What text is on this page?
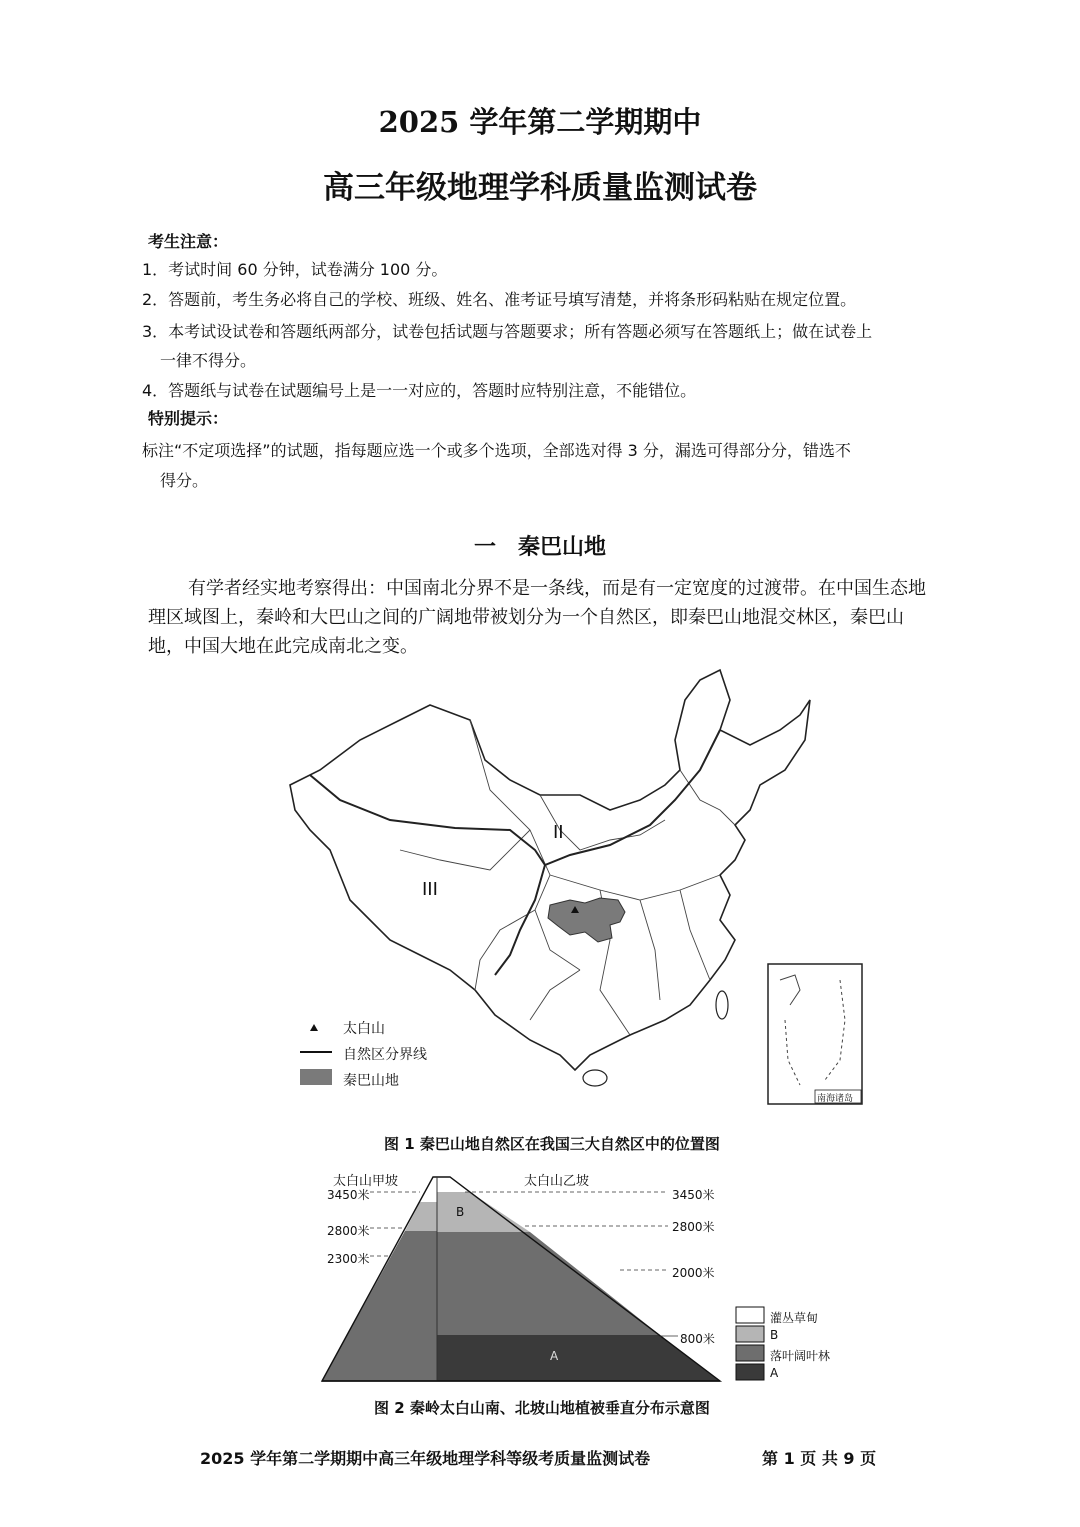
2025 学年第二学期期中
高三年级地理学科质量监测试卷
考生注意：
1．考试时间 60 分钟，试卷满分 100 分。
2．答题前，考生务必将自己的学校、班级、姓名、准考证号填写清楚，并将条形码粘贴在规定位置。
3．本考试设试卷和答题纸两部分，试卷包括试题与答题要求；所有答题必须写在答题纸上；做在试卷上
一律不得分。
4．答题纸与试卷在试题编号上是一一对应的，答题时应特别注意，不能错位。
特别提示：
标注“不定项选择”的试题，指每题应选一个或多个选项，全部选对得 3 分，漏选可得部分分，错选不
得分。
一　秦巴山地
有学者经实地考察得出：中国南北分界不是一条线，而是有一定宽度的过渡带。在中国生态地理区域图上，秦岭和大巴山之间的广阔地带被划分为一个自然区，即秦巴山地混交林区，秦巴山地，中国大地在此完成南北之变。
II
III
南海诸岛
太白山
自然区分界线
秦巴山地
图 1 秦巴山地自然区在我国三大自然区中的位置图
B
A
太白山甲坡	太白山乙坡
3450米
2800米
2300米
3450米
2800米
2000米
800米
灌丛草甸
B
落叶阔叶林
A
图 2 秦岭太白山南、北坡山地植被垂直分布示意图
2025 学年第二学期期中高三年级地理学科等级考质量监测试卷	第 1 页 共 9 页
